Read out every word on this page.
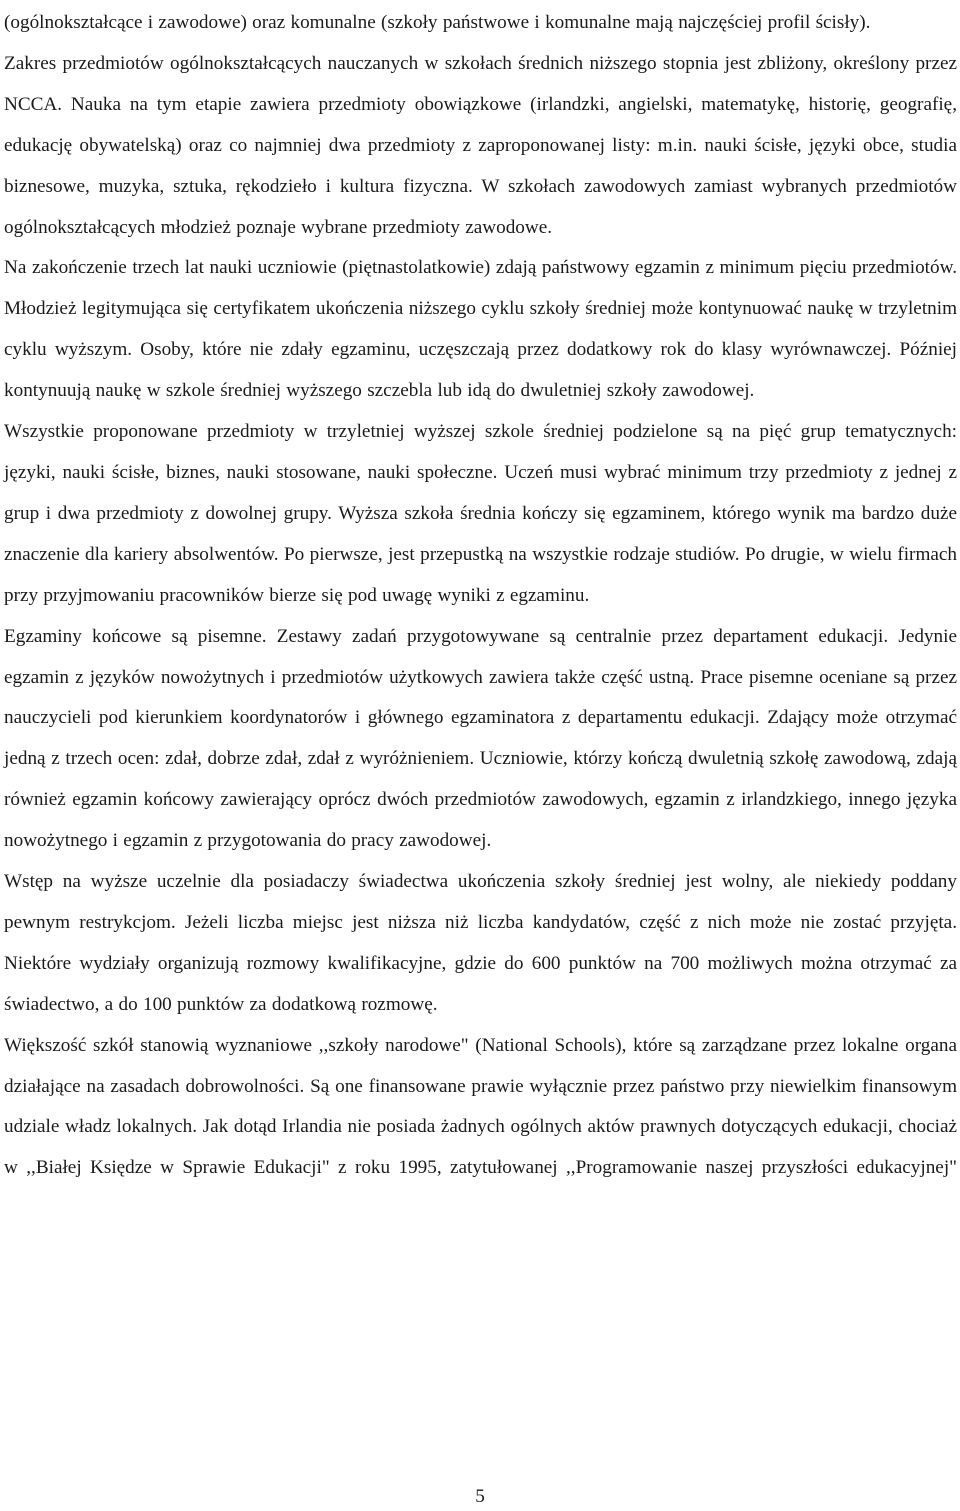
(ogólnokształcące i zawodowe) oraz komunalne (szkoły państwowe i komunalne mają najczęściej profil ścisły).

Zakres przedmiotów ogólnokształcących nauczanych w szkołach średnich niższego stopnia jest zbliżony, określony przez NCCA. Nauka na tym etapie zawiera przedmioty obowiązkowe (irlandzki, angielski, matematykę, historię, geografię, edukację obywatelską) oraz co najmniej dwa przedmioty z zaproponowanej listy: m.in. nauki ścisłe, języki obce, studia biznesowe, muzyka, sztuka, rękodzieło i kultura fizyczna. W szkołach zawodowych zamiast wybranych przedmiotów ogólnokształcących młodzież poznaje wybrane przedmioty zawodowe.

Na zakończenie trzech lat nauki uczniowie (piętnastolatkowie) zdają państwowy egzamin z minimum pięciu przedmiotów. Młodzież legitymująca się certyfikatem ukończenia niższego cyklu szkoły średniej może kontynuować naukę w trzyletnim cyklu wyższym. Osoby, które nie zdały egzaminu, uczęszczają przez dodatkowy rok do klasy wyrównawczej. Później kontynuują naukę w szkole średniej wyższego szczebla lub idą do dwuletniej szkoły zawodowej.

Wszystkie proponowane przedmioty w trzyletniej wyższej szkole średniej podzielone są na pięć grup tematycznych: języki, nauki ścisłe, biznes, nauki stosowane, nauki społeczne. Uczeń musi wybrać minimum trzy przedmioty z jednej z grup i dwa przedmioty z dowolnej grupy. Wyższa szkoła średnia kończy się egzaminem, którego wynik ma bardzo duże znaczenie dla kariery absolwentów. Po pierwsze, jest przepustką na wszystkie rodzaje studiów. Po drugie, w wielu firmach przy przyjmowaniu pracowników bierze się pod uwagę wyniki z egzaminu.

Egzaminy końcowe są pisemne. Zestawy zadań przygotowywane są centralnie przez departament edukacji. Jedynie egzamin z języków nowożytnych i przedmiotów użytkowych zawiera także część ustną. Prace pisemne oceniane są przez nauczycieli pod kierunkiem koordynatorów i głównego egzaminatora z departamentu edukacji. Zdający może otrzymać jedną z trzech ocen: zdał, dobrze zdał, zdał z wyróżnieniem. Uczniowie, którzy kończą dwuletnią szkołę zawodową, zdają również egzamin końcowy zawierający oprócz dwóch przedmiotów zawodowych, egzamin z irlandzkiego, innego języka nowożytnego i egzamin z przygotowania do pracy zawodowej.

Wstęp na wyższe uczelnie dla posiadaczy świadectwa ukończenia szkoły średniej jest wolny, ale niekiedy poddany pewnym restrykcjom. Jeżeli liczba miejsc jest niższa niż liczba kandydatów, część z nich może nie zostać przyjęta. Niektóre wydziały organizują rozmowy kwalifikacyjne, gdzie do 600 punktów na 700 możliwych można otrzymać za świadectwo, a do 100 punktów za dodatkową rozmowę.

Większość szkół stanowią wyznaniowe ,,szkoły narodowe" (National Schools), które są zarządzane przez lokalne organa działające na zasadach dobrowolności. Są one finansowane prawie wyłącznie przez państwo przy niewielkim finansowym udziale władz lokalnych. Jak dotąd Irlandia nie posiada żadnych ogólnych aktów prawnych dotyczących edukacji, chociaż w ,,Białej Księdze w Sprawie Edukacji" z roku 1995, zatytułowanej ,,Programowanie naszej przyszłości edukacyjnej"

5
